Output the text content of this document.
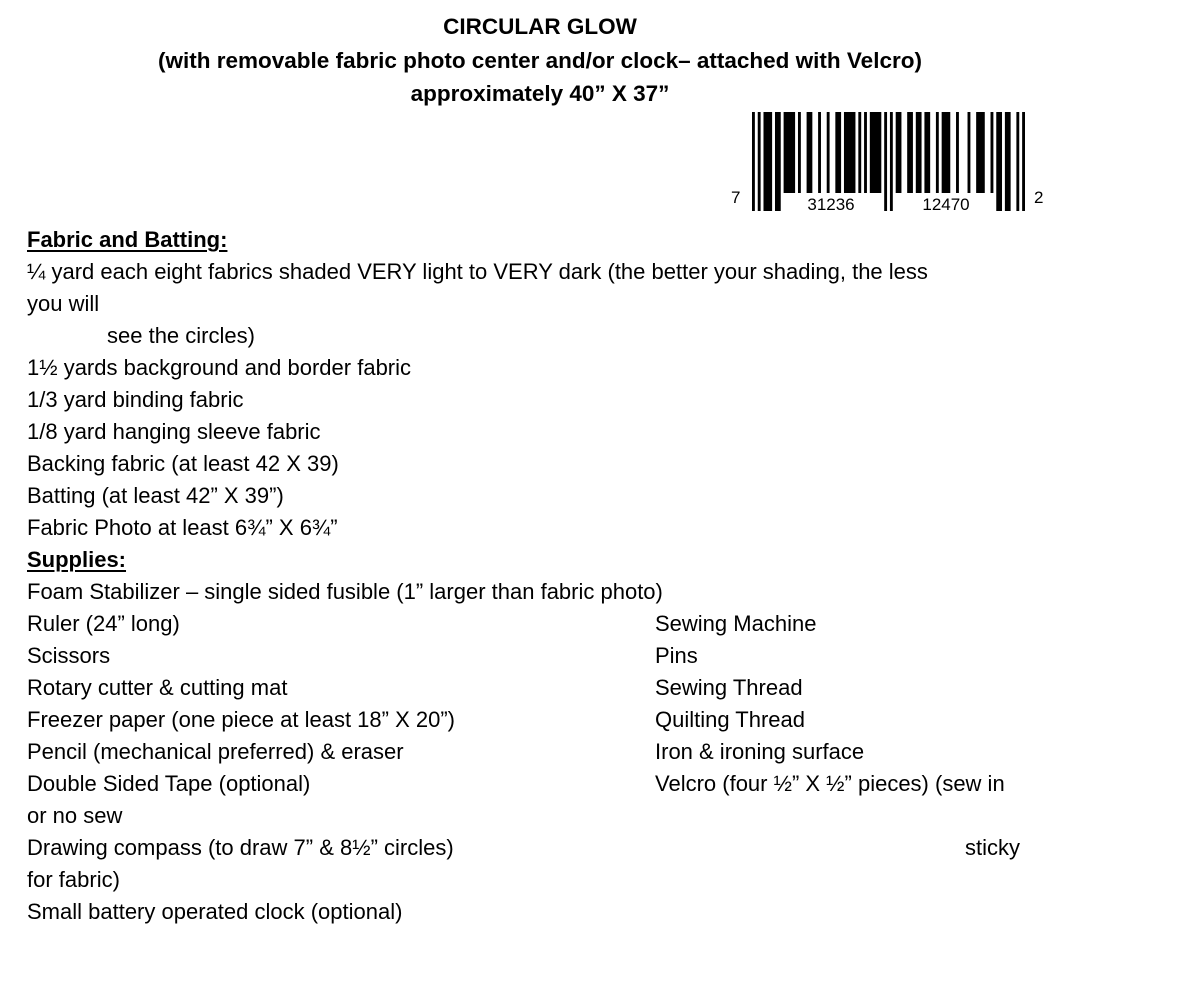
CIRCULAR GLOW
(with removable fabric photo center and/or clock– attached with Velcro)
approximately 40” X 37”
7	31236	12470	2
Fabric and Batting:
¼ yard each eight fabrics shaded VERY light to VERY dark (the better your shading, the less
you will
see the circles)
1½ yards background and border fabric
1/3 yard binding fabric
1/8 yard hanging sleeve fabric
Backing fabric (at least 42 X 39)
Batting (at least 42” X 39”)
Fabric Photo at least 6¾” X 6¾”
Supplies:
Foam Stabilizer – single sided fusible (1” larger than fabric photo)
Ruler (24” long)	Sewing Machine
Scissors	Pins
Rotary cutter & cutting mat	Sewing Thread
Freezer paper (one piece at least 18” X 20”)	Quilting Thread
Pencil (mechanical preferred) & eraser	Iron & ironing surface
Double Sided Tape (optional)	Velcro (four ½” X ½” pieces) (sew in
or no sew
Drawing compass (to draw 7” & 8½” circles)	sticky
for fabric)
Small battery operated clock (optional)
